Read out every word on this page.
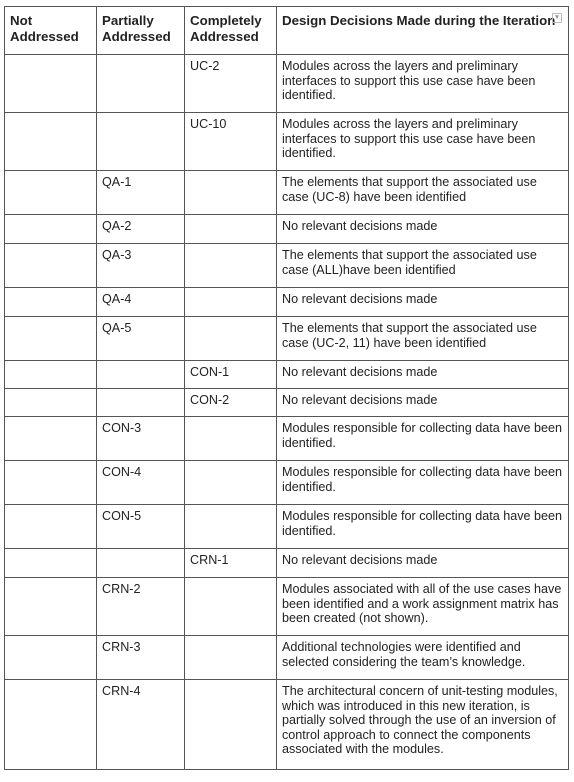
Not Addressed	Partially Addressed	Completely Addressed	Design Decisions Made during the Iteration ▾

		UC-2	Modules across the layers and preliminary interfaces to support this use case have been identified.
		UC-10	Modules across the layers and preliminary interfaces to support this use case have been identified.
	QA-1		The elements that support the associated use case (UC-8) have been identified
	QA-2		No relevant decisions made
	QA-3		The elements that support the associated use case (ALL)have been identified
	QA-4		No relevant decisions made
	QA-5		The elements that support the associated use case (UC-2, 11) have been identified
		CON-1	No relevant decisions made
		CON-2	No relevant decisions made
	CON-3		Modules responsible for collecting data have been identified.
	CON-4		Modules responsible for collecting data have been identified.
	CON-5		Modules responsible for collecting data have been identified.
		CRN-1	No relevant decisions made
	CRN-2		Modules associated with all of the use cases have been identified and a work assignment matrix has been created (not shown).
	CRN-3		Additional technologies were identified and selected considering the team’s knowledge.
	CRN-4		The architectural concern of unit-testing modules, which was introduced in this new iteration, is partially solved through the use of an inversion of control approach to connect the components associated with the modules.
